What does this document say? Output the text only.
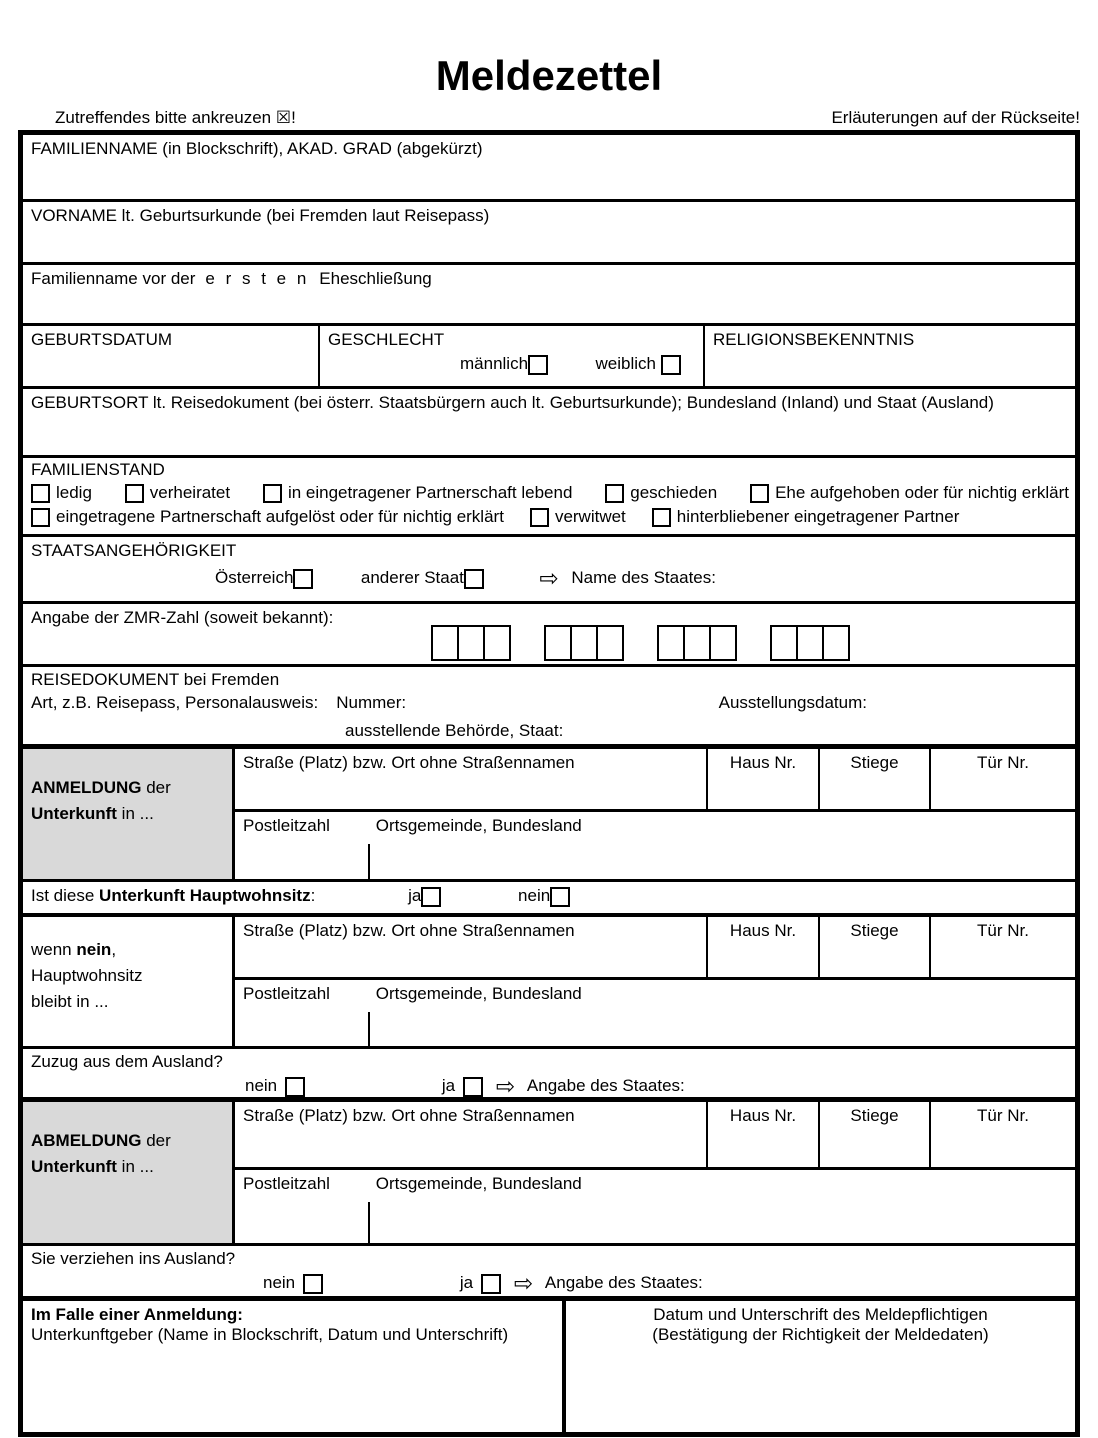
Meldezettel
Zutreffendes bitte ankreuzen ☒!	Erläuterungen auf der Rückseite!
FAMILIENNAME (in Blockschrift), AKAD. GRAD (abgekürzt)
VORNAME lt. Geburtsurkunde (bei Fremden laut Reisepass)
Familienname vor der e r s t e n Eheschließung
GEBURTSDATUM	GESCHLECHT
männlich	weiblich
RELIGIONSBEKENNTNIS
GEBURTSORT lt. Reisedokument (bei österr. Staatsbürgern auch lt. Geburtsurkunde); Bundesland (Inland) und Staat (Ausland)
FAMILIENSTAND
ledig	verheiratet	in eingetragener Partnerschaft lebend	geschieden	Ehe aufgehoben oder für nichtig erklärt
eingetragene Partnerschaft aufgelöst oder für nichtig erklärt	verwitwet	hinterbliebener eingetragener Partner
STAATSANGEHÖRIGKEIT
Österreich	anderer Staat	⇨ Name des Staates:
Angabe der ZMR-Zahl (soweit bekannt):
REISEDOKUMENT bei Fremden
Art, z.B. Reisepass, Personalausweis: Nummer:	Ausstellungsdatum:
ausstellende Behörde, Staat:
ANMELDUNG der
Unterkunft in ...
Straße (Platz) bzw. Ort ohne Straßennamen	Haus Nr.	Stiege	Tür Nr.
Postleitzahl	Ortsgemeinde, Bundesland
Ist diese Unterkunft Hauptwohnsitz:	ja	nein
wenn nein,
Hauptwohnsitz
bleibt in ...
Straße (Platz) bzw. Ort ohne Straßennamen	Haus Nr.	Stiege	Tür Nr.
Postleitzahl	Ortsgemeinde, Bundesland
Zuzug aus dem Ausland?
nein	ja ⇨ Angabe des Staates:
ABMELDUNG der
Unterkunft in ...
Straße (Platz) bzw. Ort ohne Straßennamen	Haus Nr.	Stiege	Tür Nr.
Postleitzahl	Ortsgemeinde, Bundesland
Sie verziehen ins Ausland?
nein	ja ⇨ Angabe des Staates:
Im Falle einer Anmeldung:
Unterkunftgeber (Name in Blockschrift, Datum und Unterschrift)
Datum und Unterschrift des Meldepflichtigen
(Bestätigung der Richtigkeit der Meldedaten)
